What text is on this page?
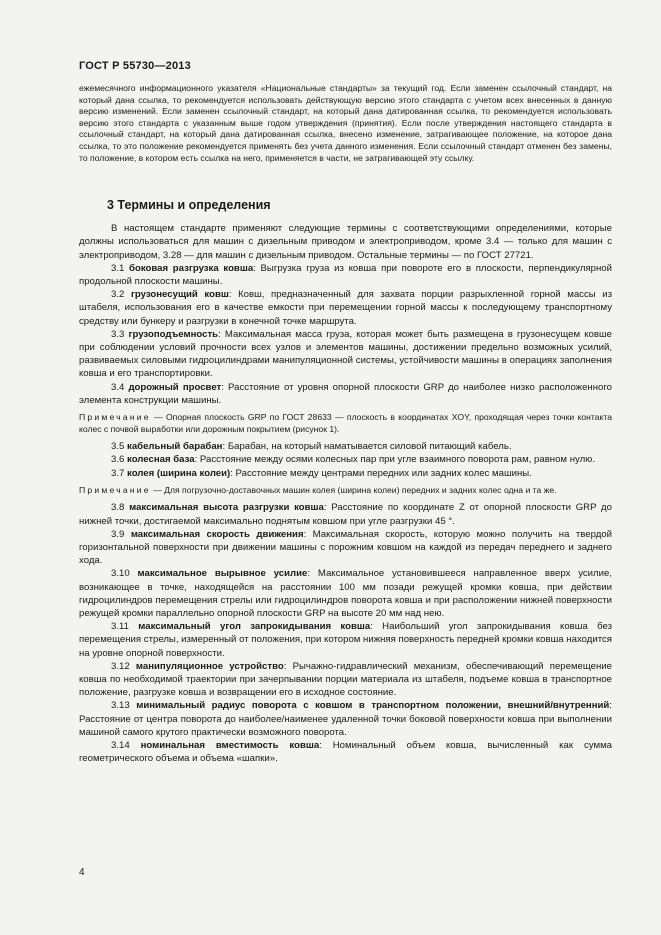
ГОСТ Р 55730—2013

ежемесячного информационного указателя «Национальные стандарты» за текущий год. Если заменен ссылочный стандарт, на который дана ссылка, то рекомендуется использовать действующую версию этого стандарта с учетом всех внесенных в данную версию изменений. Если заменен ссылочный стандарт, на который дана датированная ссылка, то рекомендуется использовать версию этого стандарта с указанным выше годом утверждения (принятия). Если после утверждения настоящего стандарта в ссылочный стандарт, на который дана датированная ссылка, внесено изменение, затрагивающее положение, на которое дана ссылка, то это положение рекомендуется применять без учета данного изменения. Если ссылочный стандарт отменен без замены, то положение, в котором есть ссылка на него, применяется в части, не затрагивающей эту ссылку.

3 Термины и определения

В настоящем стандарте применяют следующие термины с соответствующими определениями, которые должны использоваться для машин с дизельным приводом и электроприводом, кроме 3.4 — только для машин с электроприводом, 3.28 — для машин с дизельным приводом. Остальные термины — по ГОСТ 27721.

3.1 боковая разгрузка ковша: Выгрузка груза из ковша при повороте его в плоскости, перпендикулярной продольной плоскости машины.

3.2 грузонесущий ковш: Ковш, предназначенный для захвата порции разрыхленной горной массы из штабеля, использования его в качестве емкости при перемещении горной массы к последующему транспортному средству или бункеру и разгрузки в конечной точке маршрута.

3.3 грузоподъемность: Максимальная масса груза, которая может быть размещена в грузонесущем ковше при соблюдении условий прочности всех узлов и элементов машины, достижении предельно возможных усилий, развиваемых силовыми гидроцилиндрами манипуляционной системы, устойчивости машины в операциях заполнения ковша и его транспортировки.

3.4 дорожный просвет: Расстояние от уровня опорной плоскости GRP до наиболее низко расположенного элемента конструкции машины.

Примечание — Опорная плоскость GRP по ГОСТ 28633 — плоскость в координатах XOY, проходящая через точки контакта колес с почвой выработки или дорожным покрытием (рисунок 1).

3.5 кабельный барабан: Барабан, на который наматывается силовой питающий кабель.

3.6 колесная база: Расстояние между осями колесных пар при угле взаимного поворота рам, равном нулю.

3.7 колея (ширина колеи): Расстояние между центрами передних или задних колес машины.

Примечание — Для погрузочно-доставочных машин колея (ширина колеи) передних и задних колес одна и та же.

3.8 максимальная высота разгрузки ковша: Расстояние по координате Z от опорной плоскости GRP до нижней точки, достигаемой максимально поднятым ковшом при угле разгрузки 45 °.

3.9 максимальная скорость движения: Максимальная скорость, которую можно получить на твердой горизонтальной поверхности при движении машины с порожним ковшом на каждой из передач переднего и заднего хода.

3.10 максимальное вырывное усилие: Максимальное установившееся направленное вверх усилие, возникающее в точке, находящейся на расстоянии 100 мм позади режущей кромки ковша, при действии гидроцилиндров перемещения стрелы или гидроцилиндров поворота ковша и при расположении нижней поверхности режущей кромки параллельно опорной плоскости GRP на высоте 20 мм над нею.

3.11 максимальный угол запрокидывания ковша: Наибольший угол запрокидывания ковша без перемещения стрелы, измеренный от положения, при котором нижняя поверхность передней кромки ковша находится на уровне опорной поверхности.

3.12 манипуляционное устройство: Рычажно-гидравлический механизм, обеспечивающий перемещение ковша по необходимой траектории при зачерпывании порции материала из штабеля, подъеме ковша в транспортное положение, разгрузке ковша и возвращении его в исходное состояние.

3.13 минимальный радиус поворота с ковшом в транспортном положении, внешний/внутренний: Расстояние от центра поворота до наиболее/наименее удаленной точки боковой поверхности ковша при выполнении машиной самого крутого практически возможного поворота.

3.14 номинальная вместимость ковша: Номинальный объем ковша, вычисленный как сумма геометрического объема и объема «шапки».

4
